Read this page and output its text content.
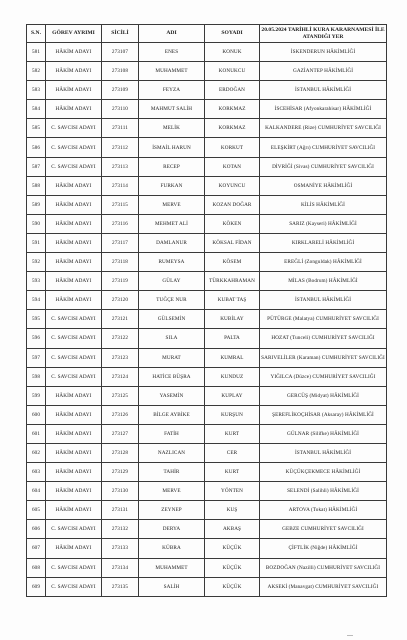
S.N.	GÖREV AYRIMI	SİCİLİ	ADI	SOYADI	20.05.2024 TARİHLİ KURA KARARNAMESİ İLE
ATANDIĞI YER
581	HÂKİM ADAYI	273107	ENES	KONUK	İSKENDERUN HÂKİMLİĞİ
582	HÂKİM ADAYI	273108	MUHAMMET	KONUKCU	GAZİANTEP HÂKİMLİĞİ
583	HÂKİM ADAYI	273109	FEYZA	ERDOĞAN	İSTANBUL HÂKİMLİĞİ
584	HÂKİM ADAYI	273110	MAHMUT SALİH	KORKMAZ	İSCEHİSAR (Afyonkarahisar) HÂKİMLİĞİ
585	C. SAVCISI ADAYI	273111	MELİK	KORKMAZ	KALKANDERE (Rize) CUMHURİYET SAVCILIĞI
586	C. SAVCISI ADAYI	273112	İSMAİL HARUN	KORKUT	ELEŞKİRT (Ağrı) CUMHURİYET SAVCILIĞI
587	C. SAVCISI ADAYI	273113	RECEP	KOTAN	DİVRİĞİ (Sivas) CUMHURİYET SAVCILIĞI
588	HÂKİM ADAYI	273114	FURKAN	KOYUNCU	OSMANİYE HÂKİMLİĞİ
589	HÂKİM ADAYI	273115	MERVE	KOZAN DOĞAR	KİLİS HÂKİMLİĞİ
590	HÂKİM ADAYI	273116	MEHMET ALİ	KÖKEN	SARIZ (Kayseri) HÂKİMLİĞİ
591	HÂKİM ADAYI	273117	DAMLANUR	KÖKSAL FİDAN	KIRKLARELİ HÂKİMLİĞİ
592	HÂKİM ADAYI	273118	RUMEYSA	KÖSEM	EREĞLİ (Zonguldak) HÂKİMLİĞİ
593	HÂKİM ADAYI	273119	GÜLAY	TÜRKKAHRAMAN	MİLAS (Bodrum) HÂKİMLİĞİ
594	HÂKİM ADAYI	273120	TUĞÇE NUR	KUBAT TAŞ	İSTANBUL HÂKİMLİĞİ
595	C. SAVCISI ADAYI	273121	GÜLSEMİN	KUBİLAY	PÜTÜRGE (Malatya) CUMHURİYET SAVCILIĞI
596	C. SAVCISI ADAYI	273122	SILA	PALTA	HOZAT (Tunceli) CUMHURİYET SAVCILIĞI
597	C. SAVCISI ADAYI	273123	MURAT	KUMRAL	SARIVELİLER (Karaman) CUMHURİYET SAVCILIĞI
598	C. SAVCISI ADAYI	273124	HATİCE BÜŞRA	KUNDUZ	YIĞILCA (Düzce) CUMHURİYET SAVCILIĞI
599	HÂKİM ADAYI	273125	YASEMİN	KUPLAY	GERCÜŞ (Midyat) HÂKİMLİĞİ
600	HÂKİM ADAYI	273126	BİLGE AYBİKE	KURŞUN	ŞEREFLİKOÇHİSAR (Aksaray) HÂKİMLİĞİ
601	HÂKİM ADAYI	273127	FATİH	KURT	GÜLNAR (Silifke) HÂKİMLİĞİ
602	HÂKİM ADAYI	273128	NAZLICAN	CER	İSTANBUL HÂKİMLİĞİ
603	HÂKİM ADAYI	273129	TAHİR	KURT	KÜÇÜKÇEKMECE HÂKİMLİĞİ
604	HÂKİM ADAYI	273130	MERVE	YÖNTEN	SELENDİ (Salihli) HÂKİMLİĞİ
605	HÂKİM ADAYI	273131	ZEYNEP	KUŞ	ARTOVA (Tokat) HÂKİMLİĞİ
606	C. SAVCISI ADAYI	273132	DERYA	AKBAŞ	GEBZE CUMHURİYET SAVCILIĞI
607	HÂKİM ADAYI	273133	KÜBRA	KÜÇÜK	ÇİFTLİK (Niğde) HÂKİMLİĞİ
608	C. SAVCISI ADAYI	273134	MUHAMMET	KÜÇÜK	BOZDOĞAN (Nazilli) CUMHURİYET SAVCILIĞI
609	C. SAVCISI ADAYI	273135	SALİH	KÜÇÜK	AKSEKİ (Manavgat) CUMHURİYET SAVCILIĞI
